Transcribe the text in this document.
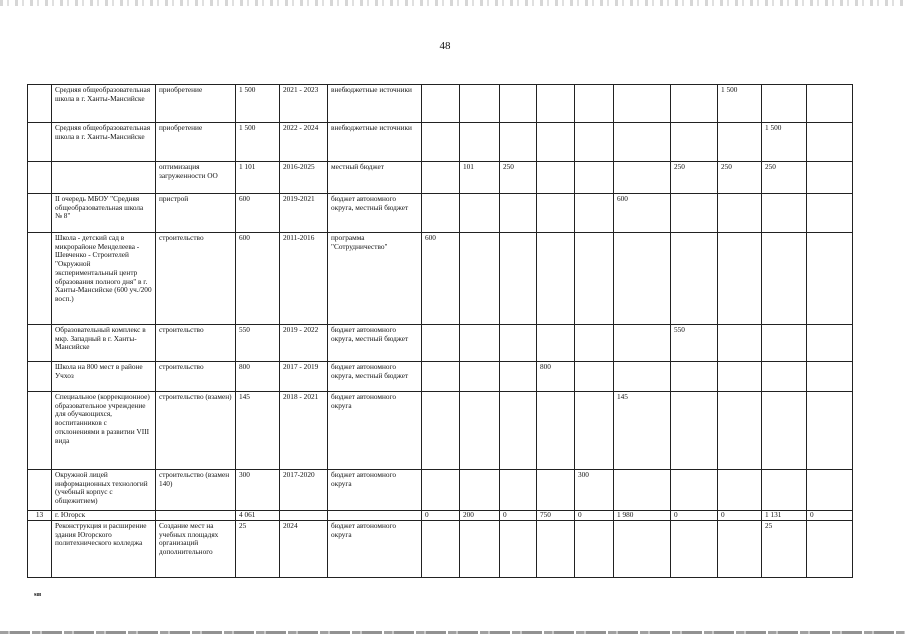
48
	Средняя общеобразовательная школа в г. Ханты-Мансийске	приобретение	1 500	2021 - 2023	внебюджетные источники								1 500		
	Средняя общеобразовательная школа в г. Ханты-Мансийске	приобретение	1 500	2022 - 2024	внебюджетные источники									1 500	
		оптимизация загруженности ОО	1 101	2016-2025	местный бюджет		101	250				250	250	250	
	II очередь МБОУ "Средняя общеобразовательная школа № 8"	пристрой	600	2019-2021	бюджет автономного округа, местный бюджет						600				
	Школа - детский сад в микрорайоне Менделеева - Шевченко - Строителей "Окружной экспериментальный центр образования полного дня" в г. Ханты-Мансийске (600 уч./200 восп.)	строительство	600	2011-2016	программа "Сотрудничество"	600									
	Образовательный комплекс в мкр. Западный в г. Ханты-Мансийске	строительство	550	2019 - 2022	бюджет автономного округа, местный бюджет							550			
	Школа на 800 мест в районе Учхоз	строительство	800	2017 - 2019	бюджет автономного округа, местный бюджет				800						
	Специальное (коррекционное) образовательное учреждение для обучающихся, воспитанников с отклонениями в развитии VIII вида	строительство (взамен)	145	2018 - 2021	бюджет автономного округа						145				
	Окружной лицей информационных технологий (учебный корпус с общежитием)	строительство (взамен 140)	300	2017-2020	бюджет автономного округа					300					
13	г. Югорск		4 061			0	200	0	750	0	1 980	0	0	1 131	0
	Реконструкция и расширение здания Югорского политехнического колледжа	Создание мест на учебных площадях организаций дополнительного	25	2024	бюджет автономного округа									25	
sıв
